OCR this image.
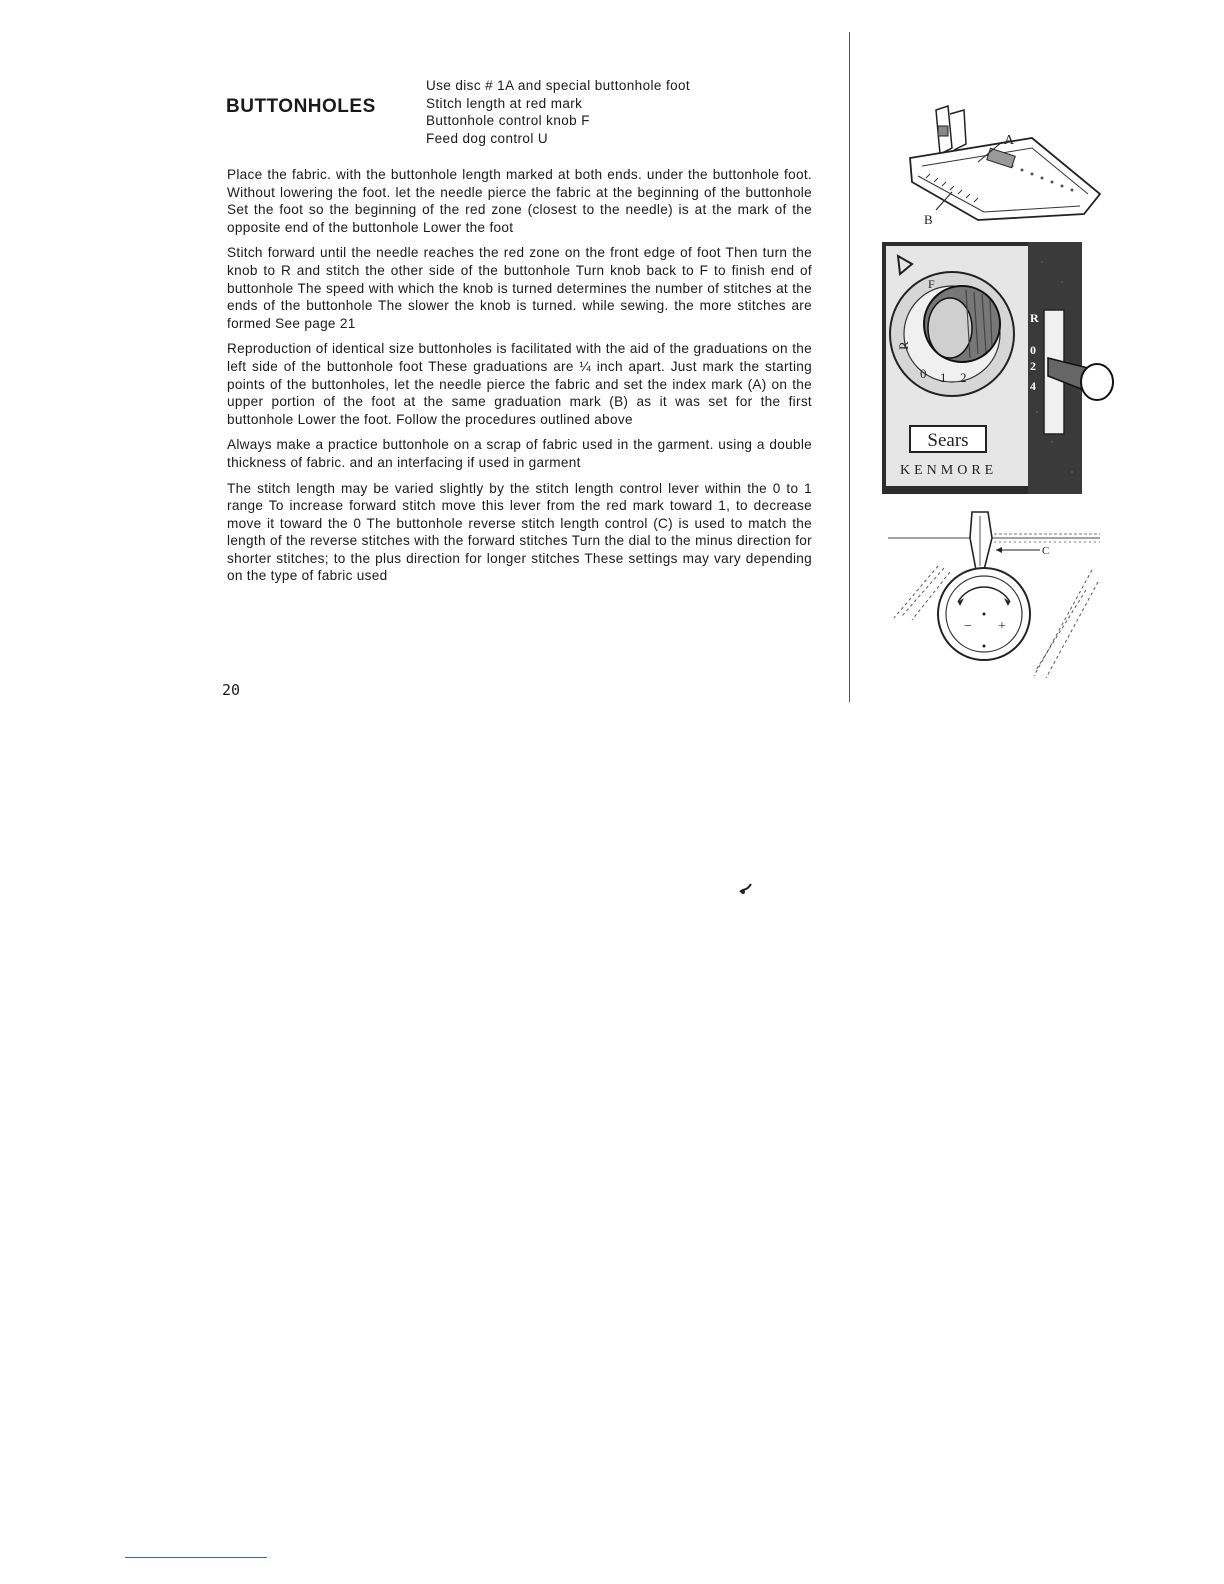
BUTTONHOLES
Use disc # 1A and special buttonhole foot
Stitch length at red mark
Buttonhole control knob F
Feed dog control U

Place the fabric. with the buttonhole length marked at both ends. under the buttonhole foot. Without lowering the foot. let the needle pierce the fabric at the beginning of the buttonhole Set the foot so the beginning of the red zone (closest to the needle) is at the mark of the opposite end of the buttonhole Lower the foot

Stitch forward until the needle reaches the red zone on the front edge of foot Then turn the knob to R and stitch the other side of the buttonhole Turn knob back to F to finish end of buttonhole The speed with which the knob is turned determines the number of stitches at the ends of the buttonhole The slower the knob is turned. while sewing. the more stitches are formed See page 21

Reproduction of identical size buttonholes is facilitated with the aid of the graduations on the left side of the buttonhole foot These graduations are ¼ inch apart. Just mark the starting points of the buttonholes, let the needle pierce the fabric and set the index mark (A) on the upper portion of the foot at the same graduation mark (B) as it was set for the first buttonhole Lower the foot. Follow the procedures outlined above

Always make a practice buttonhole on a scrap of fabric used in the garment. using a double thickness of fabric. and an interfacing if used in garment

The stitch length may be varied slightly by the stitch length control lever within the 0 to 1 range To increase forward stitch move this lever from the red mark toward 1, to decrease move it toward the 0 The buttonhole reverse stitch length control (C) is used to match the length of the reverse stitches with the forward stitches Turn the dial to the minus direction for shorter stitches; to the plus direction for longer stitches These settings may vary depending on the type of fabric used

20
A
B
F
R
0 1 2
R
0
2
4
Sears
KENMORE
C
− +
